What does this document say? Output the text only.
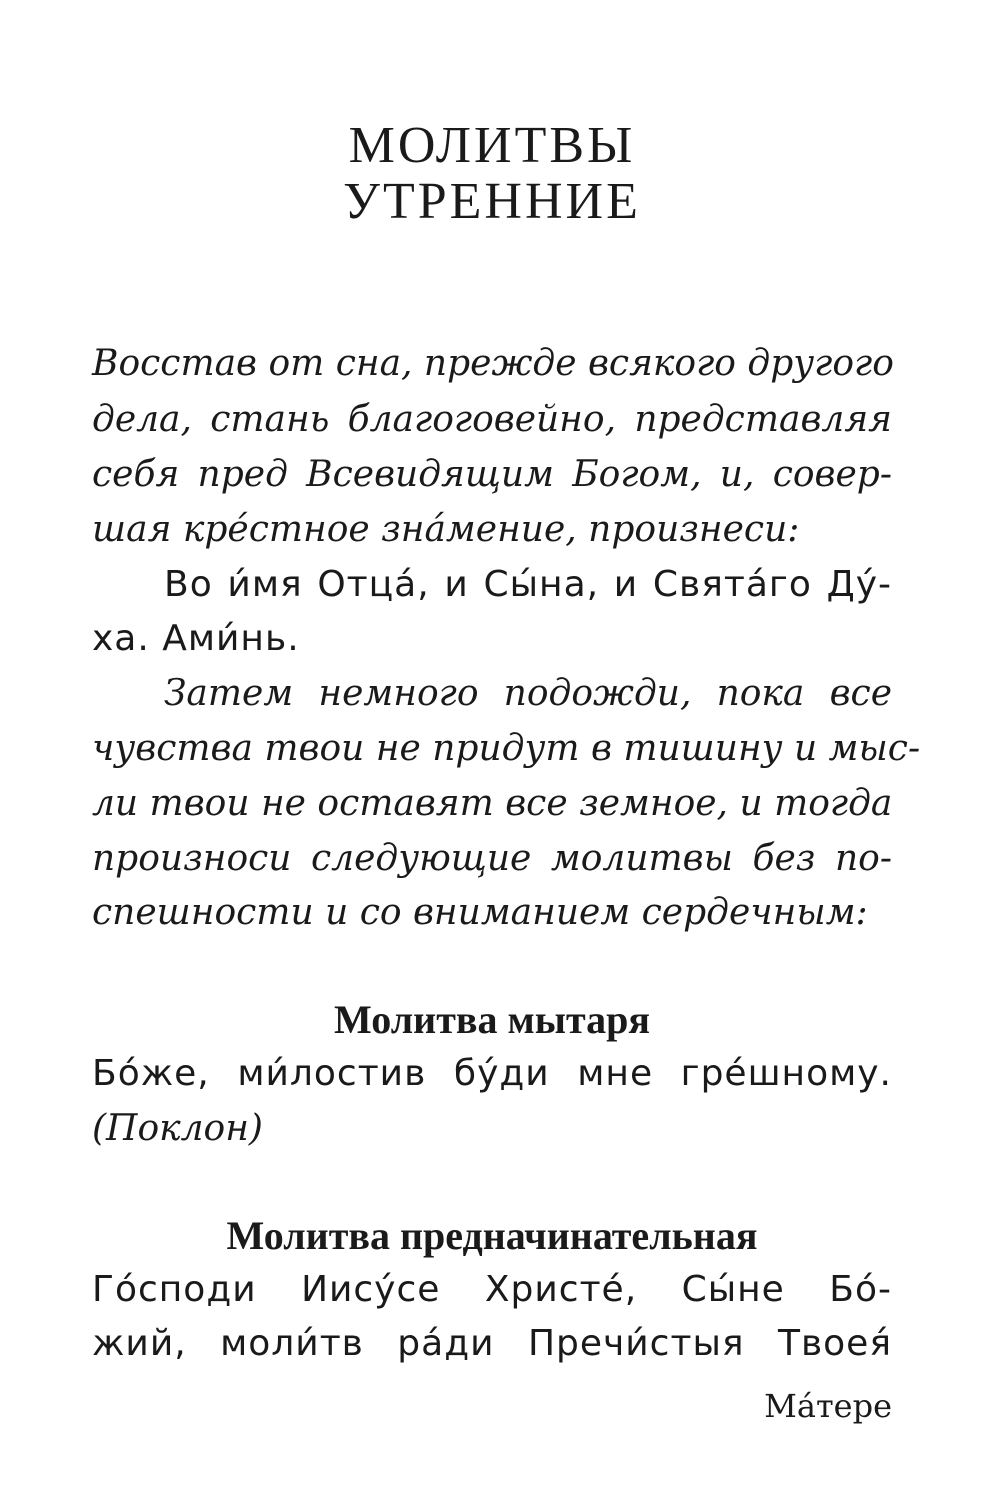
МОЛИТВЫ
УТРЕННИЕ

Восстав от сна, прежде всякого другого

дела, стань благоговейно, представляя

себя пред Всевидящим Богом, и, совер-

шая кре́стное зна́мение, произнеси:

Во и́мя Отца́, и Сы́на, и Свята́го Ду́-

ха. Ами́нь.

Затем немного подожди, пока все

чувства твои не придут в тишину и мыс-

ли твои не оставят все земное, и тогда

произноси следующие молитвы без по-

спешности и со вниманием сердечным:

Молитва мытаря

Бо́же, ми́лостив бу́ди мне гре́шному.

(Поклон)

Молитва предначинательная

Го́споди Иису́се Христе́, Сы́не Бо́-

жий, моли́тв ра́ди Пречи́стыя Твоея́

Ма́тере
